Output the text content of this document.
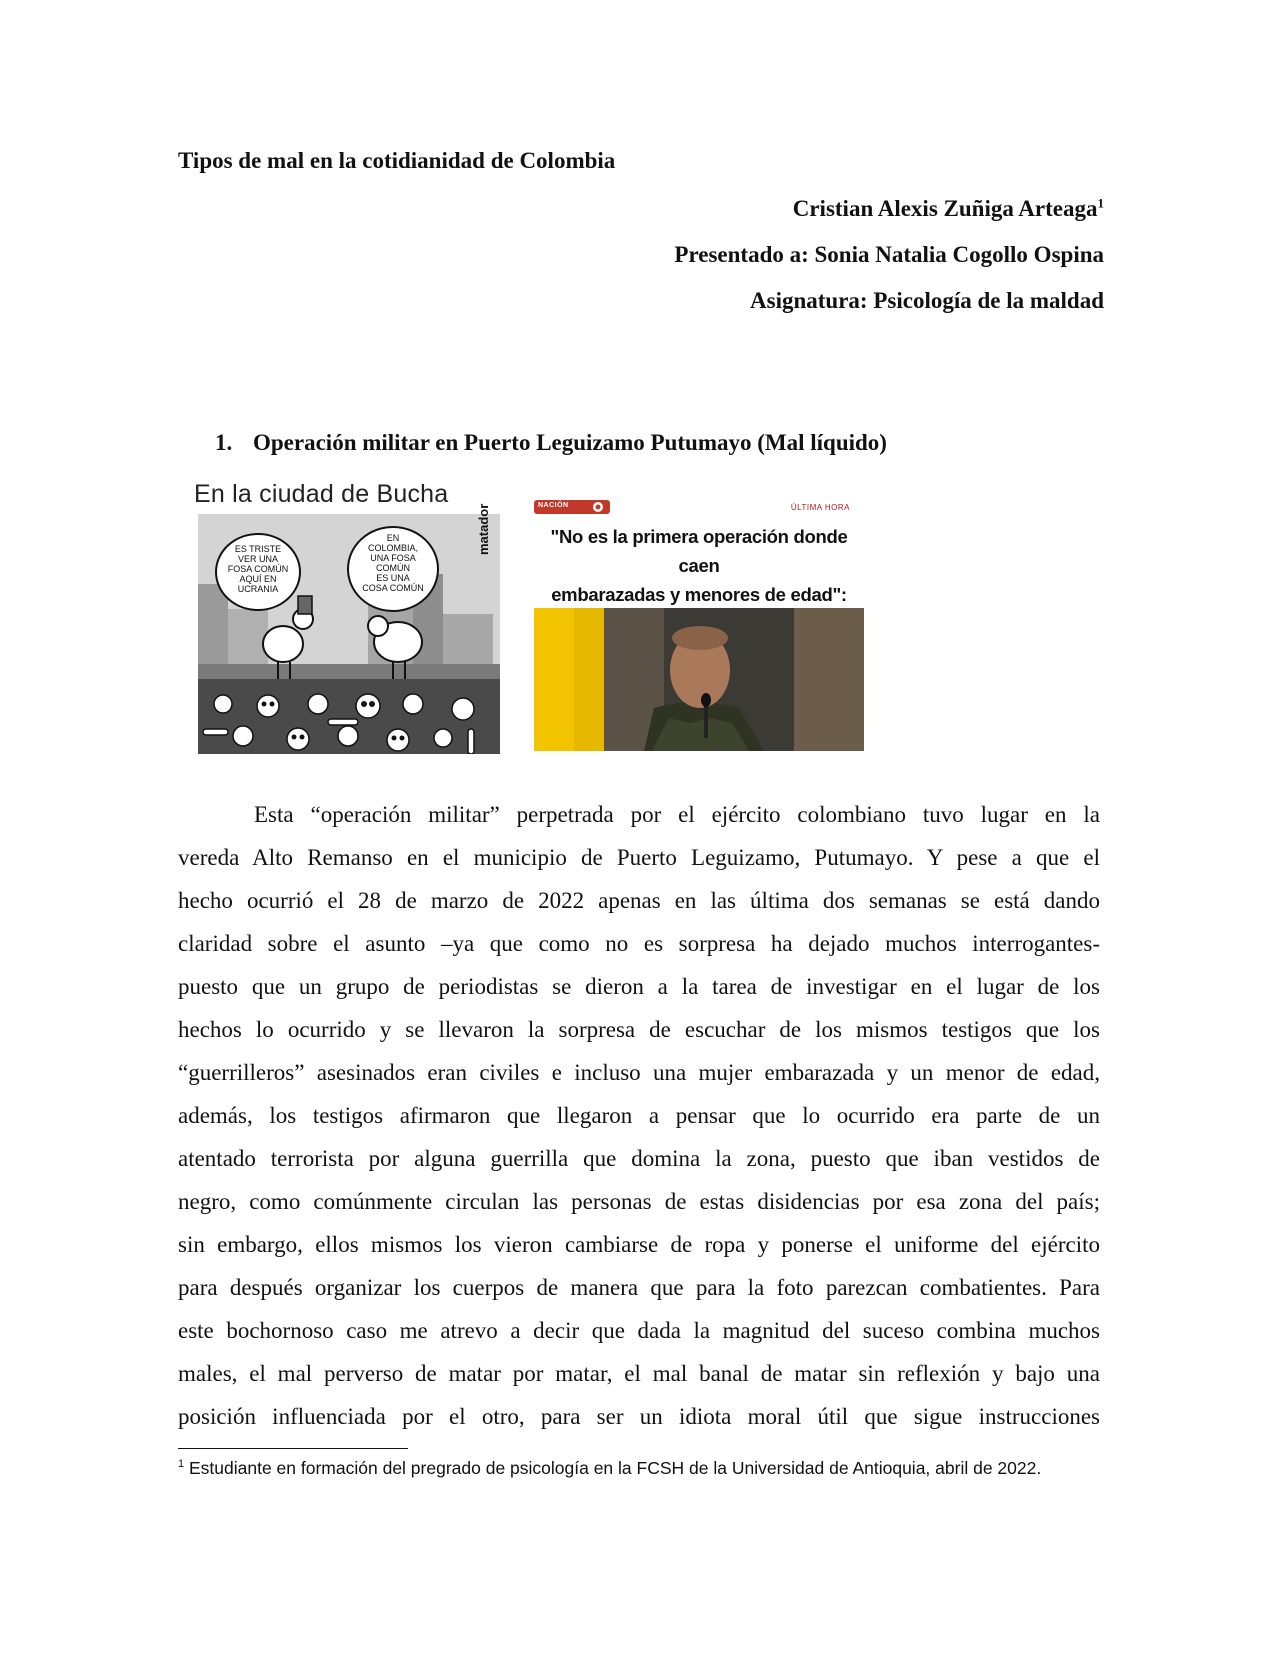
Tipos de mal en la cotidianidad de Colombia
Cristian Alexis Zuñiga Arteaga$^1$
Presentado a: Sonia Natalia Cogollo Ospina
Asignatura: Psicología de la maldad
1. Operación militar en Puerto Leguizamo Putumayo (Mal líquido)
En la ciudad de Bucha
ES TRISTE
VER UNA
FOSA COMÚN
AQUÍ EN
UCRANIA
EN
COLOMBIA,
UNA FOSA
COMÚN
ES UNA
COSA COMÚN
matador	NACIÓN	ÚLTIMA HORA
"No es la primera operación donde caen
embarazadas y menores de edad":
Esta “operación militar” perpetrada por el ejército colombiano tuvo lugar en la
vereda Alto Remanso en el municipio de Puerto Leguizamo, Putumayo. Y pese a que el
hecho ocurrió el 28 de marzo de 2022 apenas en las última dos semanas se está dando
claridad sobre el asunto –ya que como no es sorpresa ha dejado muchos interrogantes-
puesto que un grupo de periodistas se dieron a la tarea de investigar en el lugar de los
hechos lo ocurrido y se llevaron la sorpresa de escuchar de los mismos testigos que los
“guerrilleros” asesinados eran civiles e incluso una mujer embarazada y un menor de edad,
además, los testigos afirmaron que llegaron a pensar que lo ocurrido era parte de un
atentado terrorista por alguna guerrilla que domina la zona, puesto que iban vestidos de
negro, como comúnmente circulan las personas de estas disidencias por esa zona del país;
sin embargo, ellos mismos los vieron cambiarse de ropa y ponerse el uniforme del ejército
para después organizar los cuerpos de manera que para la foto parezcan combatientes. Para
este bochornoso caso me atrevo a decir que dada la magnitud del suceso combina muchos
males, el mal perverso de matar por matar, el mal banal de matar sin reflexión y bajo una
posición influenciada por el otro, para ser un idiota moral útil que sigue instrucciones
$^1$ Estudiante en formación del pregrado de psicología en la FCSH de la Universidad de Antioquia, abril de 2022.
